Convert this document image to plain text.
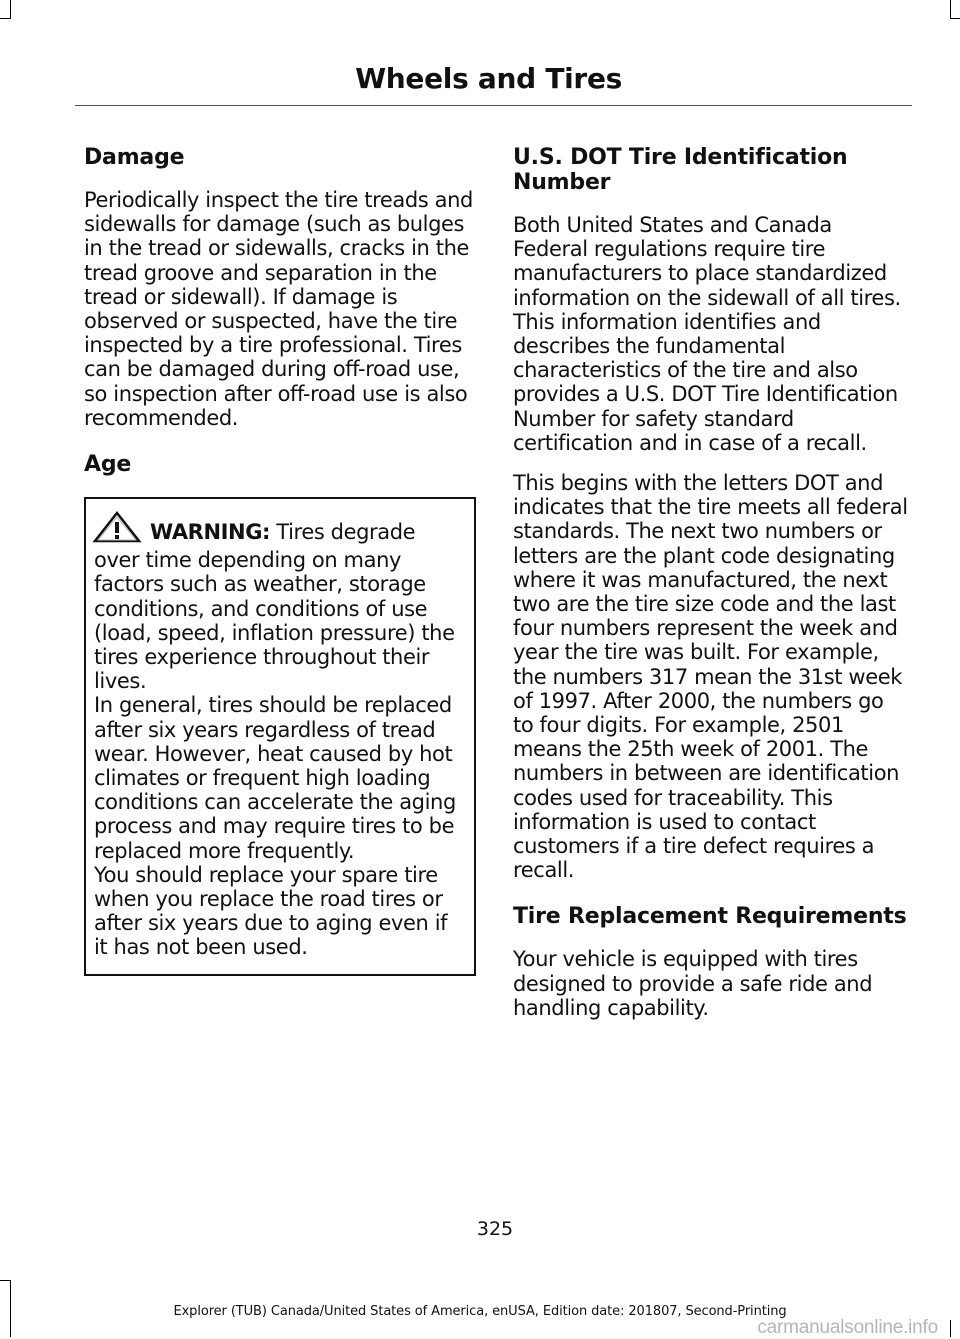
Wheels and Tires
Damage

Periodically inspect the tire treads and sidewalls for damage (such as bulges in the tread or sidewalls, cracks in the tread groove and separation in the tread or sidewall). If damage is observed or suspected, have the tire inspected by a tire professional. Tires can be damaged during off-road use, so inspection after off-road use is also recommended.

Age
WARNING: Tires degrade over time depending on many factors such as weather, storage conditions, and conditions of use (load, speed, inflation pressure) the tires experience throughout their lives.
In general, tires should be replaced after six years regardless of tread wear. However, heat caused by hot climates or frequent high loading conditions can accelerate the aging process and may require tires to be replaced more frequently.
You should replace your spare tire when you replace the road tires or after six years due to aging even if it has not been used.
U.S. DOT Tire Identification Number

Both United States and Canada Federal regulations require tire manufacturers to place standardized information on the sidewall of all tires. This information identifies and describes the fundamental characteristics of the tire and also provides a U.S. DOT Tire Identification Number for safety standard certification and in case of a recall.

This begins with the letters DOT and indicates that the tire meets all federal standards. The next two numbers or letters are the plant code designating where it was manufactured, the next two are the tire size code and the last four numbers represent the week and year the tire was built. For example, the numbers 317 mean the 31st week of 1997. After 2000, the numbers go to four digits. For example, 2501 means the 25th week of 2001. The numbers in between are identification codes used for traceability. This information is used to contact customers if a tire defect requires a recall.

Tire Replacement Requirements

Your vehicle is equipped with tires designed to provide a safe ride and handling capability.

325
Explorer (TUB) Canada/United States of America, enUSA, Edition date: 201807, Second-Printing
carmanualsonline.info
